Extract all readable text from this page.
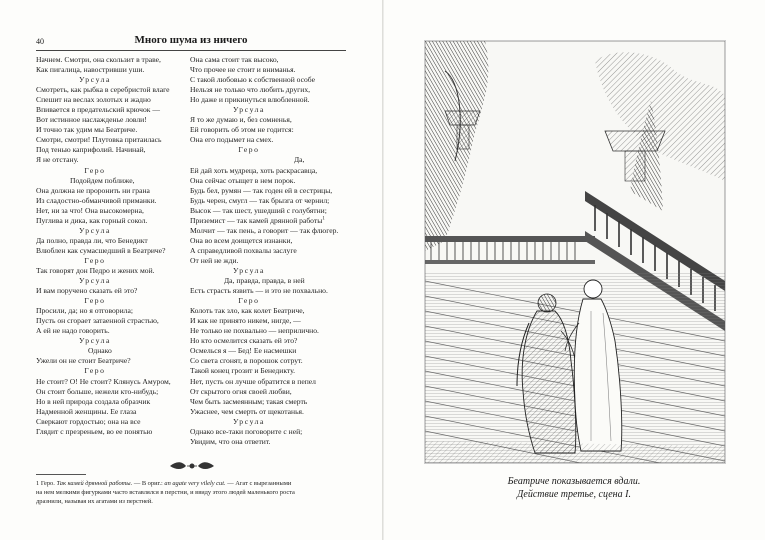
40	Много шума из ничего
Начнем. Смотри, она скользит в траве,
Как пигалица, навостривши уши.
Урсула
Смотреть, как рыбка в серебристой влаге
Спешит на веслах золотых и жадно
Впивается в предательский крючок —
Вот истинное наслажденье ловли!
И точно так удим мы Беатриче.
Смотри, смотри! Плутовка притаилась
Под тенью каприфолий. Начинай,
Я не отстану.
Геро
Подойдем поближе,
Она должна не проронить ни грана
Из сладостно-обманчивой приманки.
Нет, ни за что! Она высокомерна,
Пуглива и дика, как горный сокол.
Урсула
Да полно, правда ли, что Бенедикт
Влюблен как сумасшедший в Беатриче?
Геро
Так говорят дон Педро и жених мой.
Урсула
И вам поручено сказать ей это?
Геро
Просили, да; но я отговорила;
Пусть он сгорает затаенной страстью,
А ей не надо говорить.
Урсула
Однако
Ужели он не стоит Беатриче?
Геро
Не стоит? О! Не стоит? Клянусь Амуром,
Он стоит больше, нежели кто-нибудь;
Но в ней природа создала образчик
Надменной женщины. Ее глаза
Сверкают гордостью; она на все
Глядит с презреньем, во ее понятью
Она сама стоит так высоко,
Что прочее не стоит и вниманья.
С такой любовью к собственной особе
Нельзя не только что любить других,
Но даже и прикинуться влюбленной.
Урсула
Я то же думаю и, без сомненья,
Ей говорить об этом не годится:
Она его подымет на смех.
Геро
Да,
Ей дай хоть мудреца, хоть раскрасавца,
Она сейчас отыщет в нем порок.
Будь бел, румян — так годен ей в сестрицы,
Будь черен, смугл — так брызга от чернил;
Высок — так шест, ушедший с голубятни;
Приземист — так камей дрянной работы$^1$
Молчит — так пень, а говорит — так флюгер.
Она во всем доищется изнанки,
А справедливой похвалы заслуге
От ней не жди.
Урсула
Да, правда, правда, в ней
Есть страсть язвить — и это не похвально.
Геро
Колоть так зло, как колет Беатриче,
И как не принято никем, нигде, —
Не только не похвально — неприлично.
Но кто осмелится сказать ей это?
Осмелься я — Бед! Ее насмешки
Со света сгонят, в порошок сотрут.
Такой конец грозит и Бенедикту.
Нет, пусть он лучше обратится в пепел
От скрытого огня своей любви,
Чем быть засмеянным; такая смерть
Ужаснее, чем смерть от щекотанья.
Урсула
Однако все-таки поговорите с ней;
Увидим, что она ответит.
1 Геро. Так камей дрянной работы. — В ориг.: an agate very vilely cut. — Агат с вырезанными
на нем мелкими фигурками часто вставлялся в перстни, и ввиду этого людей маленького роста
дразнили, называя их агатами из перстней.
Беатриче показывается вдали.
Действие третье, сцена I.
